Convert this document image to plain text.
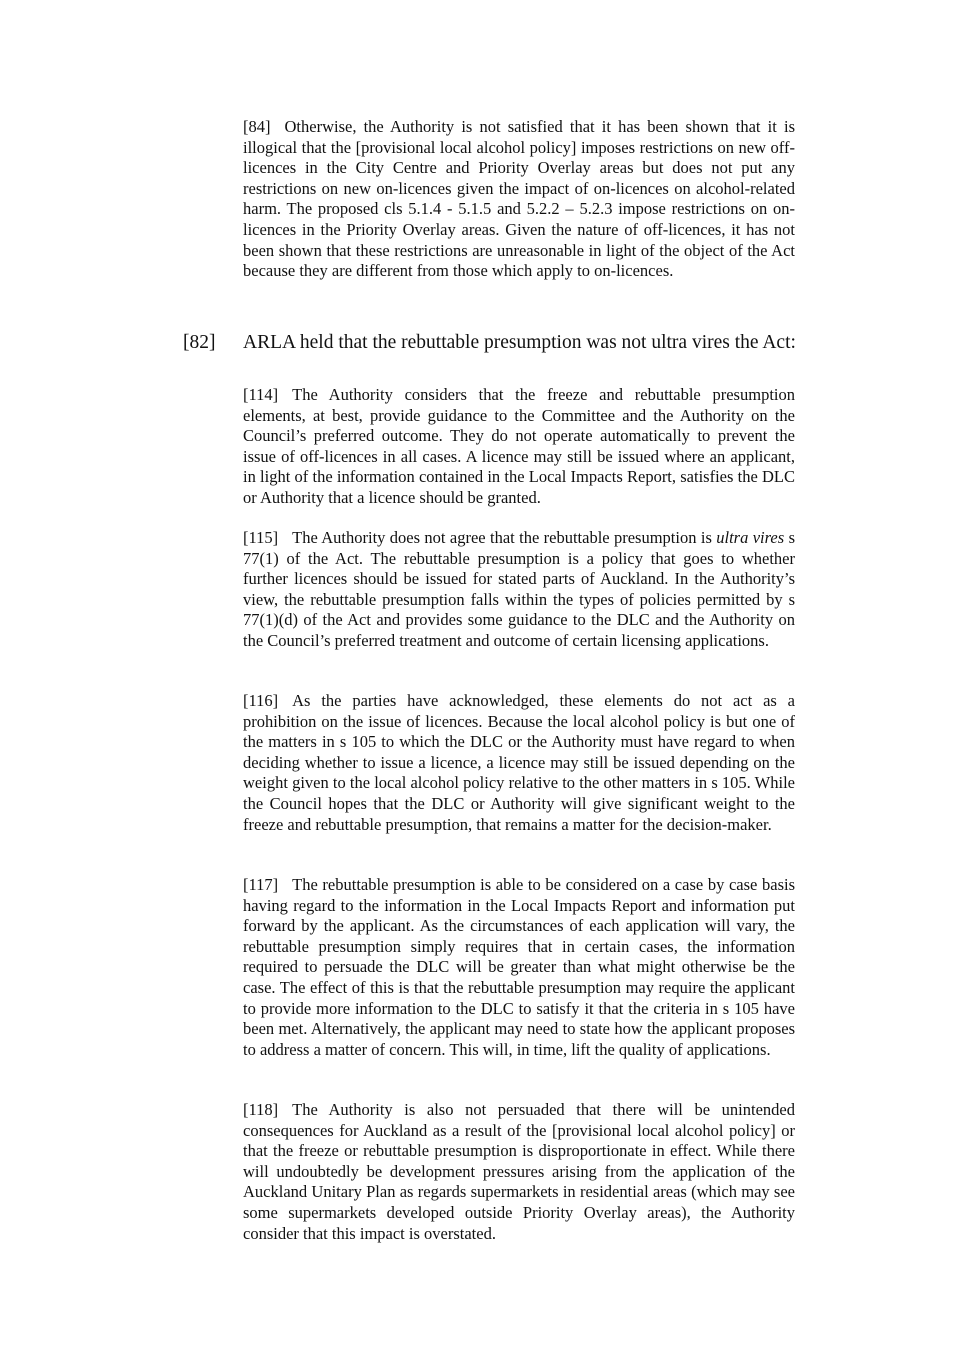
[84] Otherwise, the Authority is not satisfied that it has been shown that it is illogical that the [provisional local alcohol policy] imposes restrictions on new off-licences in the City Centre and Priority Overlay areas but does not put any restrictions on new on-licences given the impact of on-licences on alcohol-related harm. The proposed cls 5.1.4 - 5.1.5 and 5.2.2 – 5.2.3 impose restrictions on on-licences in the Priority Overlay areas. Given the nature of off-licences, it has not been shown that these restrictions are unreasonable in light of the object of the Act because they are different from those which apply to on-licences.

[82] ARLA held that the rebuttable presumption was not ultra vires the Act:

[114] The Authority considers that the freeze and rebuttable presumption elements, at best, provide guidance to the Committee and the Authority on the Council’s preferred outcome. They do not operate automatically to prevent the issue of off-licences in all cases. A licence may still be issued where an applicant, in light of the information contained in the Local Impacts Report, satisfies the DLC or Authority that a licence should be granted.

[115] The Authority does not agree that the rebuttable presumption is ultra vires s 77(1) of the Act. The rebuttable presumption is a policy that goes to whether further licences should be issued for stated parts of Auckland. In the Authority’s view, the rebuttable presumption falls within the types of policies permitted by s 77(1)(d) of the Act and provides some guidance to the DLC and the Authority on the Council’s preferred treatment and outcome of certain licensing applications.

[116] As the parties have acknowledged, these elements do not act as a prohibition on the issue of licences. Because the local alcohol policy is but one of the matters in s 105 to which the DLC or the Authority must have regard to when deciding whether to issue a licence, a licence may still be issued depending on the weight given to the local alcohol policy relative to the other matters in s 105. While the Council hopes that the DLC or Authority will give significant weight to the freeze and rebuttable presumption, that remains a matter for the decision-maker.

[117] The rebuttable presumption is able to be considered on a case by case basis having regard to the information in the Local Impacts Report and information put forward by the applicant. As the circumstances of each application will vary, the rebuttable presumption simply requires that in certain cases, the information required to persuade the DLC will be greater than what might otherwise be the case. The effect of this is that the rebuttable presumption may require the applicant to provide more information to the DLC to satisfy it that the criteria in s 105 have been met. Alternatively, the applicant may need to state how the applicant proposes to address a matter of concern. This will, in time, lift the quality of applications.

[118] The Authority is also not persuaded that there will be unintended consequences for Auckland as a result of the [provisional local alcohol policy] or that the freeze or rebuttable presumption is disproportionate in effect. While there will undoubtedly be development pressures arising from the application of the Auckland Unitary Plan as regards supermarkets in residential areas (which may see some supermarkets developed outside Priority Overlay areas), the Authority consider that this impact is overstated.
